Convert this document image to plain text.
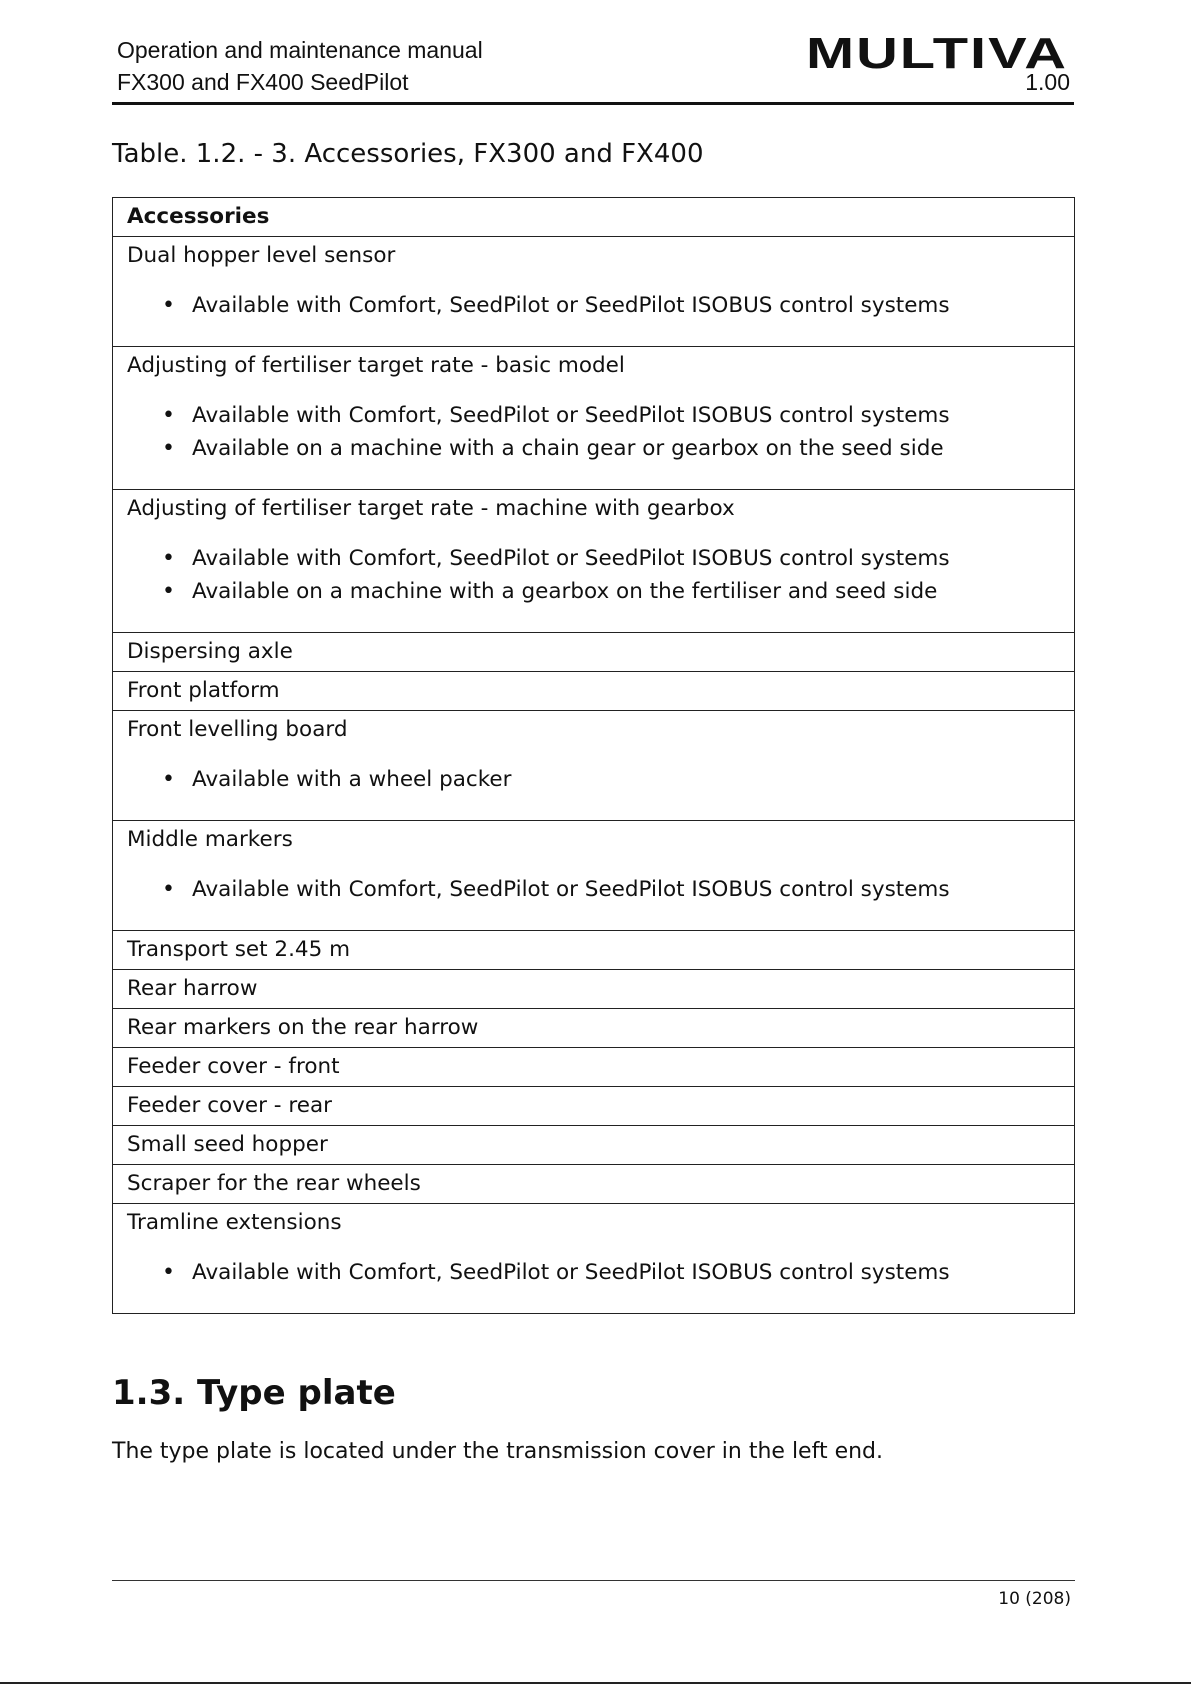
Operation and maintenance manual
FX300 and FX400 SeedPilot
MULTIVA
1.00
Table. 1.2. - 3. Accessories, FX300 and FX400
Accessories

Dual hopper level sensor
• Available with Comfort, SeedPilot or SeedPilot ISOBUS control systems

Adjusting of fertiliser target rate - basic model
• Available with Comfort, SeedPilot or SeedPilot ISOBUS control systems
• Available on a machine with a chain gear or gearbox on the seed side

Adjusting of fertiliser target rate - machine with gearbox
• Available with Comfort, SeedPilot or SeedPilot ISOBUS control systems
• Available on a machine with a gearbox on the fertiliser and seed side

Dispersing axle
Front platform

Front levelling board
• Available with a wheel packer

Middle markers
• Available with Comfort, SeedPilot or SeedPilot ISOBUS control systems

Transport set 2.45 m
Rear harrow
Rear markers on the rear harrow
Feeder cover - front
Feeder cover - rear
Small seed hopper
Scraper for the rear wheels

Tramline extensions
• Available with Comfort, SeedPilot or SeedPilot ISOBUS control systems
1.3. Type plate

The type plate is located under the transmission cover in the left end.

10 (208)
